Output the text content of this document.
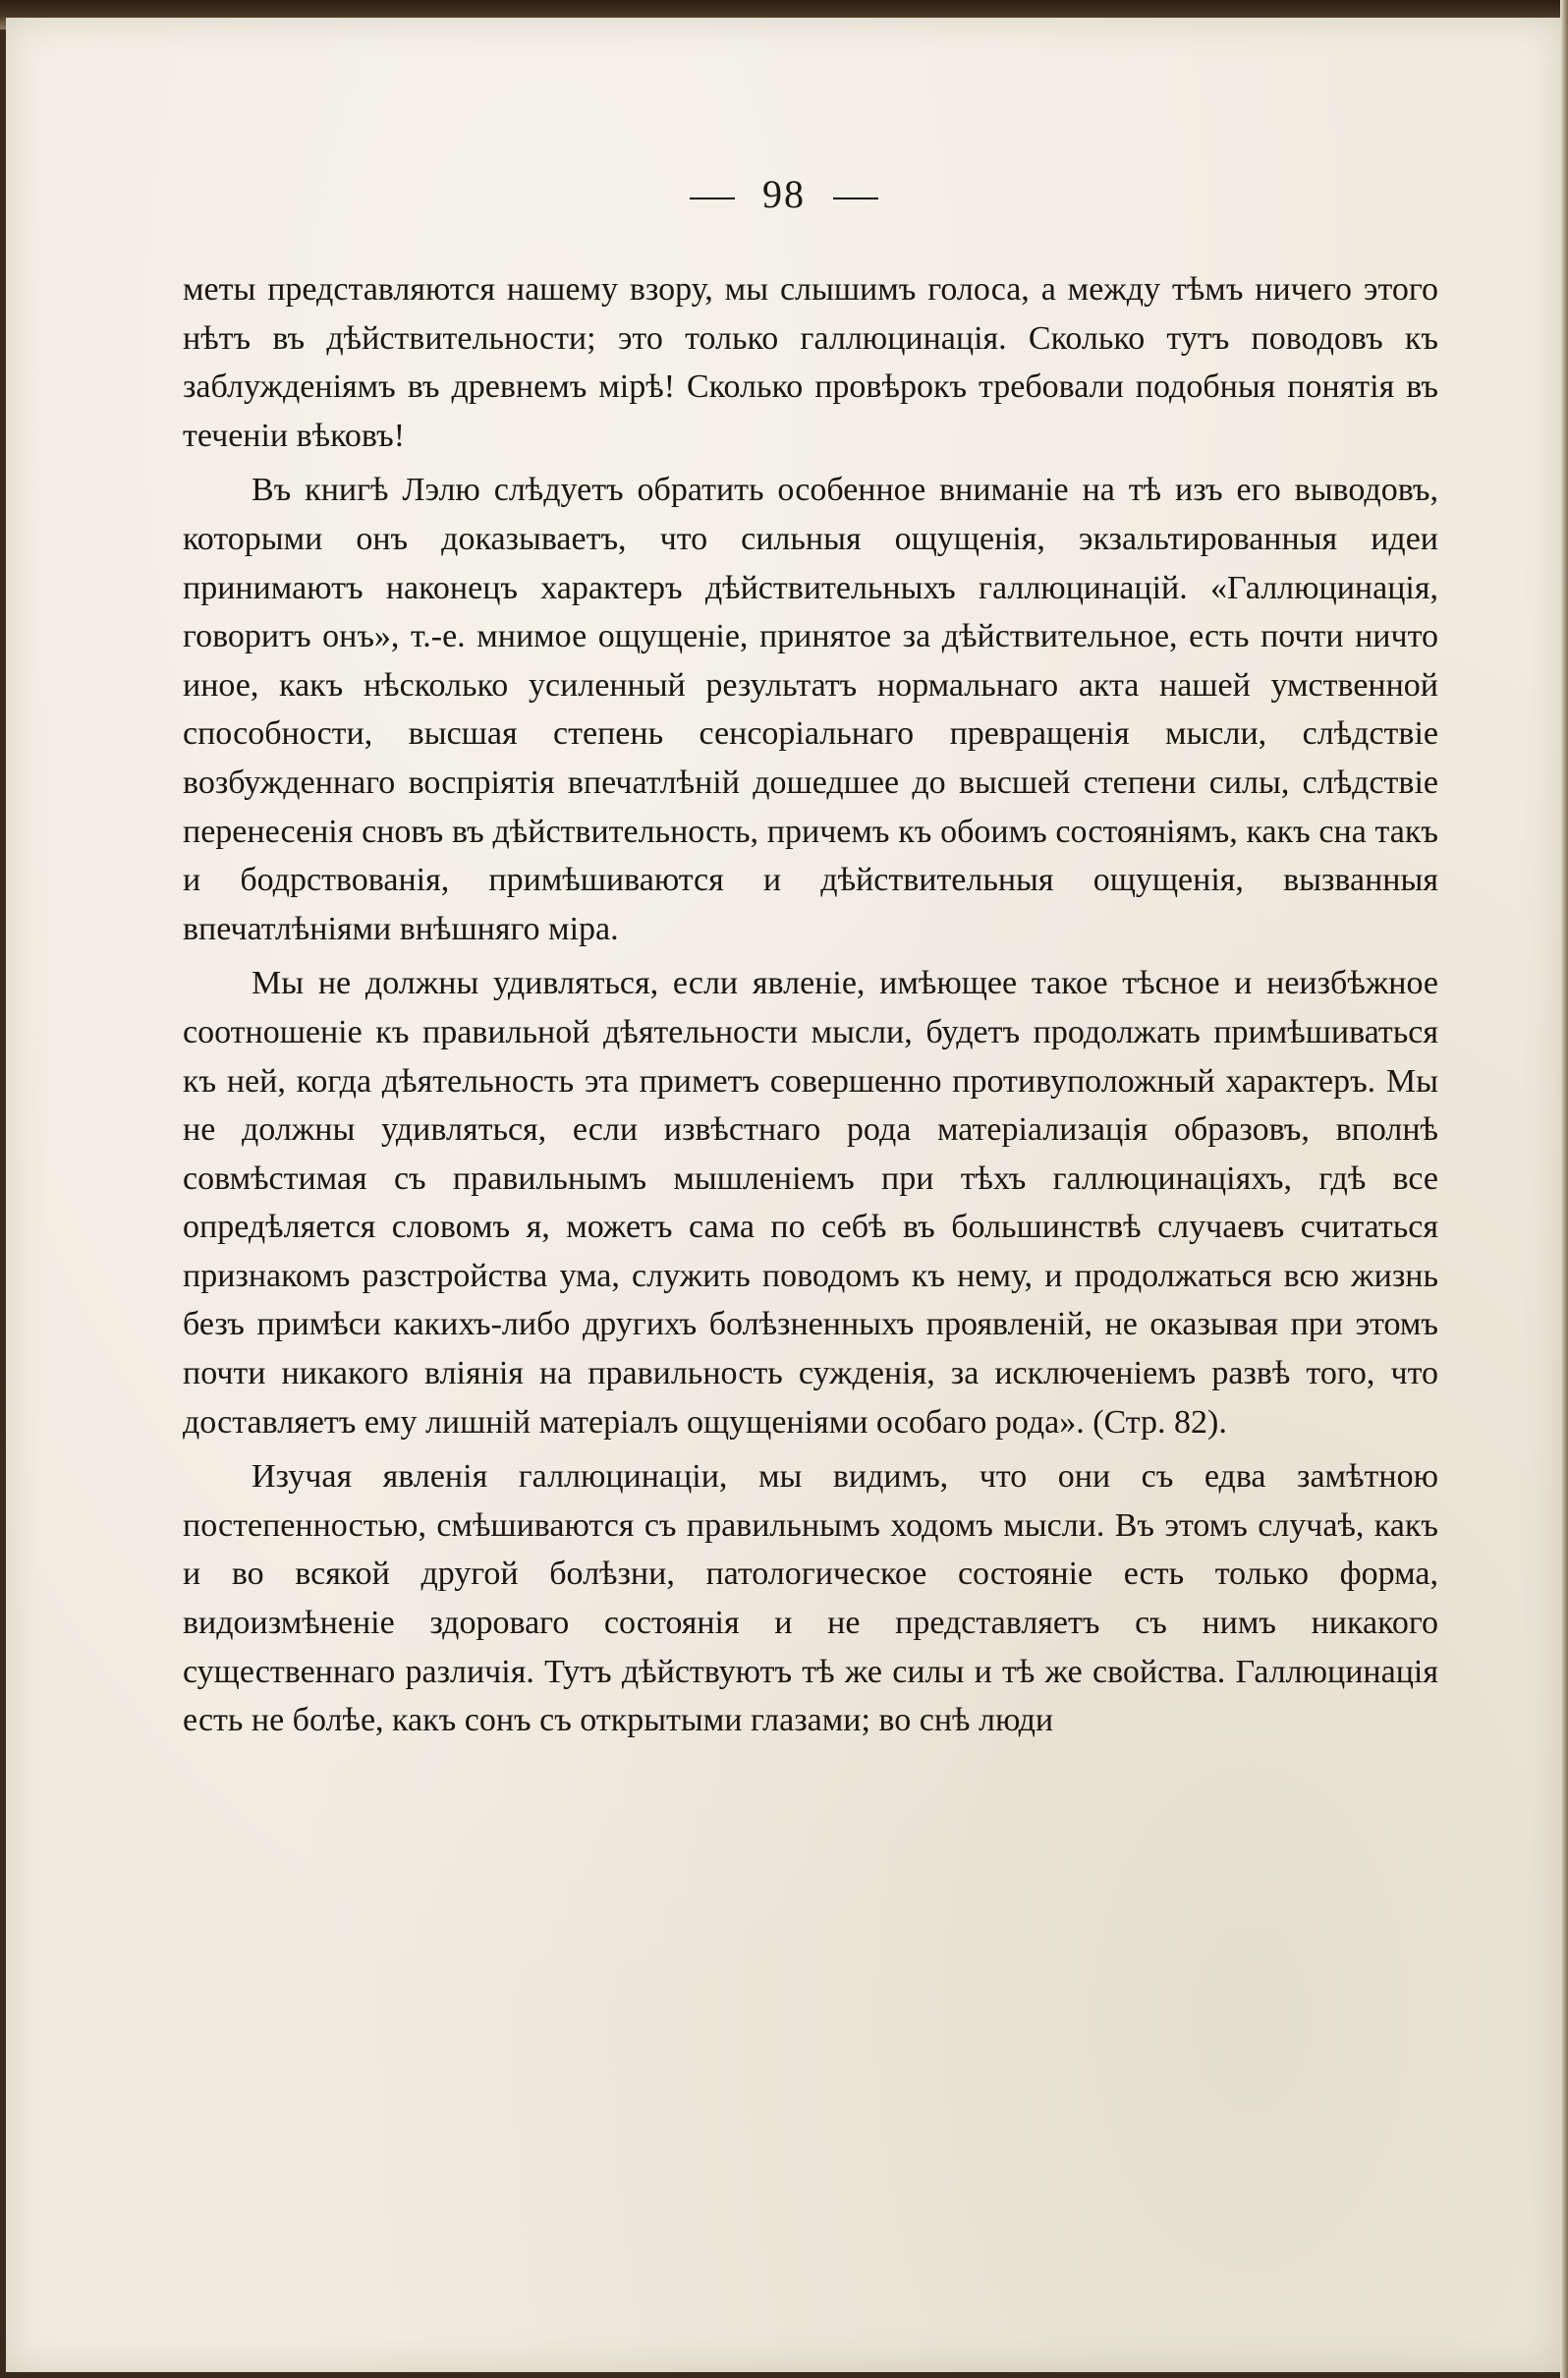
98

меты представляются нашему взору, мы слышимъ голоса, а между тѣмъ ничего этого нѣтъ въ дѣйствительности; это только галлюцинація. Сколько тутъ поводовъ къ заблужденіямъ въ древнемъ мірѣ! Сколько провѣрокъ требовали подобныя понятія въ теченіи вѣковъ!

Въ книгѣ Лэлю слѣдуетъ обратить особенное вниманіе на тѣ изъ его выводовъ, которыми онъ доказываетъ, что сильныя ощущенія, экзальтированныя идеи принимаютъ наконецъ характеръ дѣйствительныхъ галлюцинацій. «Галлюцинація, говоритъ онъ», т.-е. мнимое ощущеніе, принятое за дѣйствительное, есть почти ничто иное, какъ нѣсколько усиленный результатъ нормальнаго акта нашей умственной способности, высшая степень сенсоріальнаго превращенія мысли, слѣдствіе возбужденнаго воспріятія впечатлѣній дошедшее до высшей степени силы, слѣдствіе перенесенія сновъ въ дѣйствительность, причемъ къ обоимъ состояніямъ, какъ сна такъ и бодрствованія, примѣшиваются и дѣйствительныя ощущенія, вызванныя впечатлѣніями внѣшняго міра.

Мы не должны удивляться, если явленіе, имѣющее такое тѣсное и неизбѣжное соотношеніе къ правильной дѣятельности мысли, будетъ продолжать примѣшиваться къ ней, когда дѣятельность эта приметъ совершенно противуположный характеръ. Мы не должны удивляться, если извѣстнаго рода матеріализація образовъ, вполнѣ совмѣстимая съ правильнымъ мышленіемъ при тѣхъ галлюцинаціяхъ, гдѣ все опредѣляется словомъ я, можетъ сама по себѣ въ большинствѣ случаевъ считаться признакомъ разстройства ума, служить поводомъ къ нему, и продолжаться всю жизнь безъ примѣси какихъ-либо другихъ болѣзненныхъ проявленій, не оказывая при этомъ почти никакого вліянія на правильность сужденія, за исключеніемъ развѣ того, что доставляетъ ему лишній матеріалъ ощущеніями особаго рода». (Стр. 82).

Изучая явленія галлюцинаціи, мы видимъ, что они съ едва замѣтною постепенностью, смѣшиваются съ правильнымъ ходомъ мысли. Въ этомъ случаѣ, какъ и во всякой другой болѣзни, патологическое состояніе есть только форма, видоизмѣненіе здороваго состоянія и не представляетъ съ нимъ никакого существеннаго различія. Тутъ дѣйствуютъ тѣ же силы и тѣ же свойства. Галлюцинація есть не болѣе, какъ сонъ съ открытыми глазами; во снѣ люди
